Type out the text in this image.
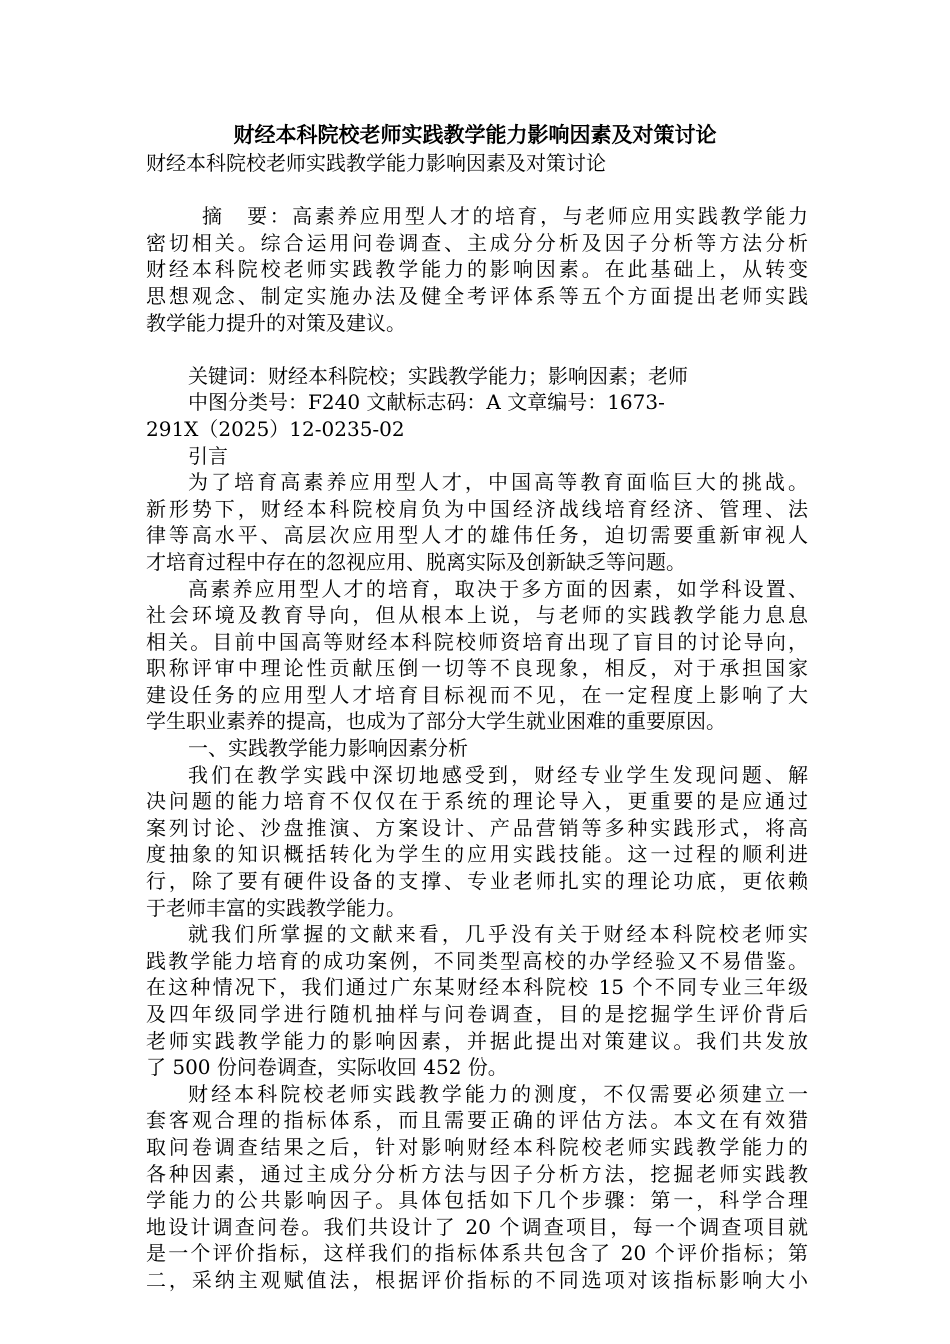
财经本科院校老师实践教学能力影响因素及对策讨论
财经本科院校老师实践教学能力影响因素及对策讨论
摘　要：高素养应用型人才的培育，与老师应用实践教学能力
密切相关。综合运用问卷调查、主成分分析及因子分析等方法分析
财经本科院校老师实践教学能力的影响因素。在此基础上，从转变
思想观念、制定实施办法及健全考评体系等五个方面提出老师实践
教学能力提升的对策及建议。
关键词：财经本科院校；实践教学能力；影响因素；老师
中图分类号：F240 文献标志码：A 文章编号：1673-
291X（2025）12-0235-02
引言
为了培育高素养应用型人才，中国高等教育面临巨大的挑战。
新形势下，财经本科院校肩负为中国经济战线培育经济、管理、法
律等高水平、高层次应用型人才的雄伟任务，迫切需要重新审视人
才培育过程中存在的忽视应用、脱离实际及创新缺乏等问题。
高素养应用型人才的培育，取决于多方面的因素，如学科设置、
社会环境及教育导向，但从根本上说，与老师的实践教学能力息息
相关。目前中国高等财经本科院校师资培育出现了盲目的讨论导向，
职称评审中理论性贡献压倒一切等不良现象，相反，对于承担国家
建设任务的应用型人才培育目标视而不见，在一定程度上影响了大
学生职业素养的提高，也成为了部分大学生就业困难的重要原因。
一、实践教学能力影响因素分析
我们在教学实践中深切地感受到，财经专业学生发现问题、解
决问题的能力培育不仅仅在于系统的理论导入，更重要的是应通过
案列讨论、沙盘推演、方案设计、产品营销等多种实践形式，将高
度抽象的知识概括转化为学生的应用实践技能。这一过程的顺利进
行，除了要有硬件设备的支撑、专业老师扎实的理论功底，更依赖
于老师丰富的实践教学能力。
就我们所掌握的文献来看，几乎没有关于财经本科院校老师实
践教学能力培育的成功案例，不同类型高校的办学经验又不易借鉴。
在这种情况下，我们通过广东某财经本科院校 15 个不同专业三年级
及四年级同学进行随机抽样与问卷调查，目的是挖掘学生评价背后
老师实践教学能力的影响因素，并据此提出对策建议。我们共发放
了 500 份问卷调查，实际收回 452 份。
财经本科院校老师实践教学能力的测度，不仅需要必须建立一
套客观合理的指标体系，而且需要正确的评估方法。本文在有效猎
取问卷调查结果之后，针对影响财经本科院校老师实践教学能力的
各种因素，通过主成分分析方法与因子分析方法，挖掘老师实践教
学能力的公共影响因子。具体包括如下几个步骤：第一，科学合理
地设计调查问卷。我们共设计了 20 个调查项目，每一个调查项目就
是一个评价指标，这样我们的指标体系共包含了 20 个评价指标；第
二，采纳主观赋值法，根据评价指标的不同选项对该指标影响大小
